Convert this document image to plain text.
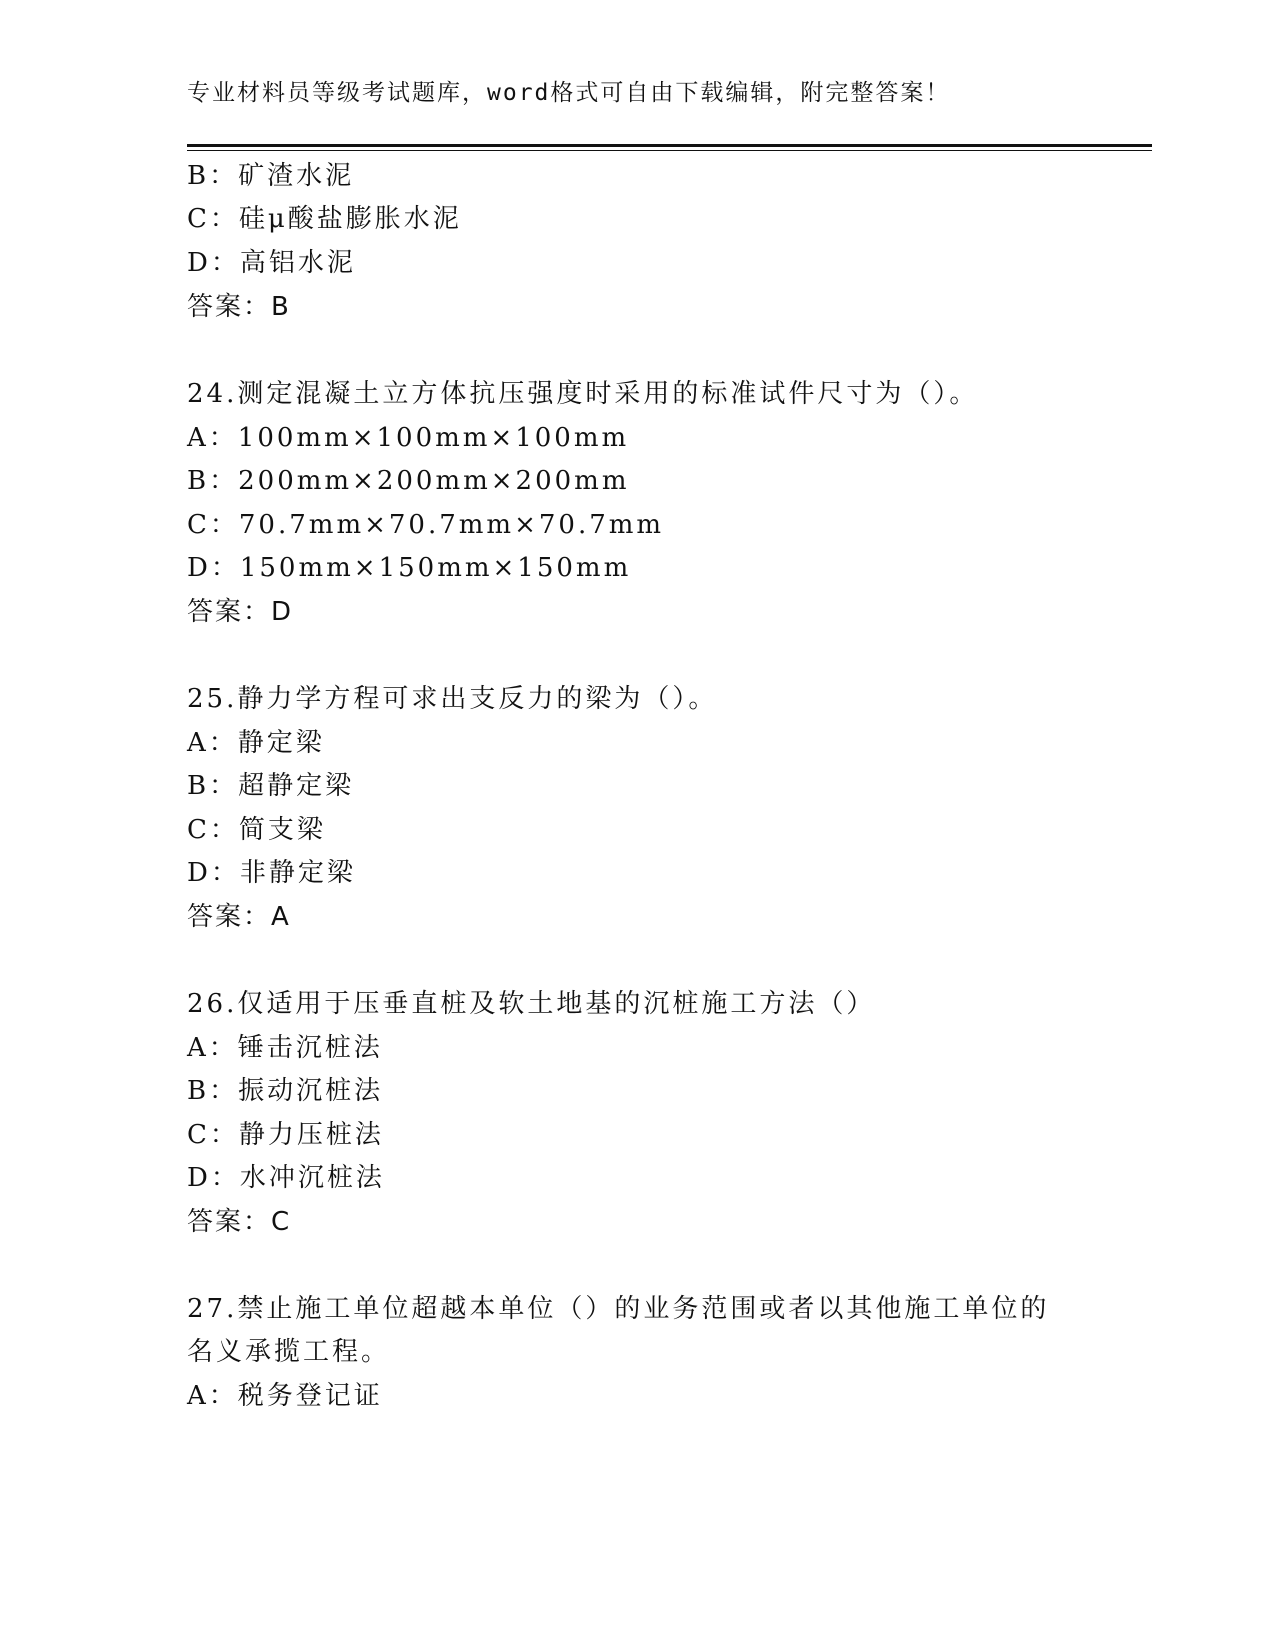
专业材料员等级考试题库，word格式可自由下载编辑，附完整答案！
B：矿渣水泥
C：硅μ酸盐膨胀水泥
D：高铝水泥
答案：B
24.测定混凝土立方体抗压强度时采用的标准试件尺寸为（）。
A：100mm×100mm×100mm
B：200mm×200mm×200mm
C：70.7mm×70.7mm×70.7mm
D：150mm×150mm×150mm
答案：D
25.静力学方程可求出支反力的梁为（）。
A：静定梁
B：超静定梁
C：简支梁
D：非静定梁
答案：A
26.仅适用于压垂直桩及软土地基的沉桩施工方法（）
A：锤击沉桩法
B：振动沉桩法
C：静力压桩法
D：水冲沉桩法
答案：C
27.禁止施工单位超越本单位（）的业务范围或者以其他施工单位的
名义承揽工程。
A：税务登记证
